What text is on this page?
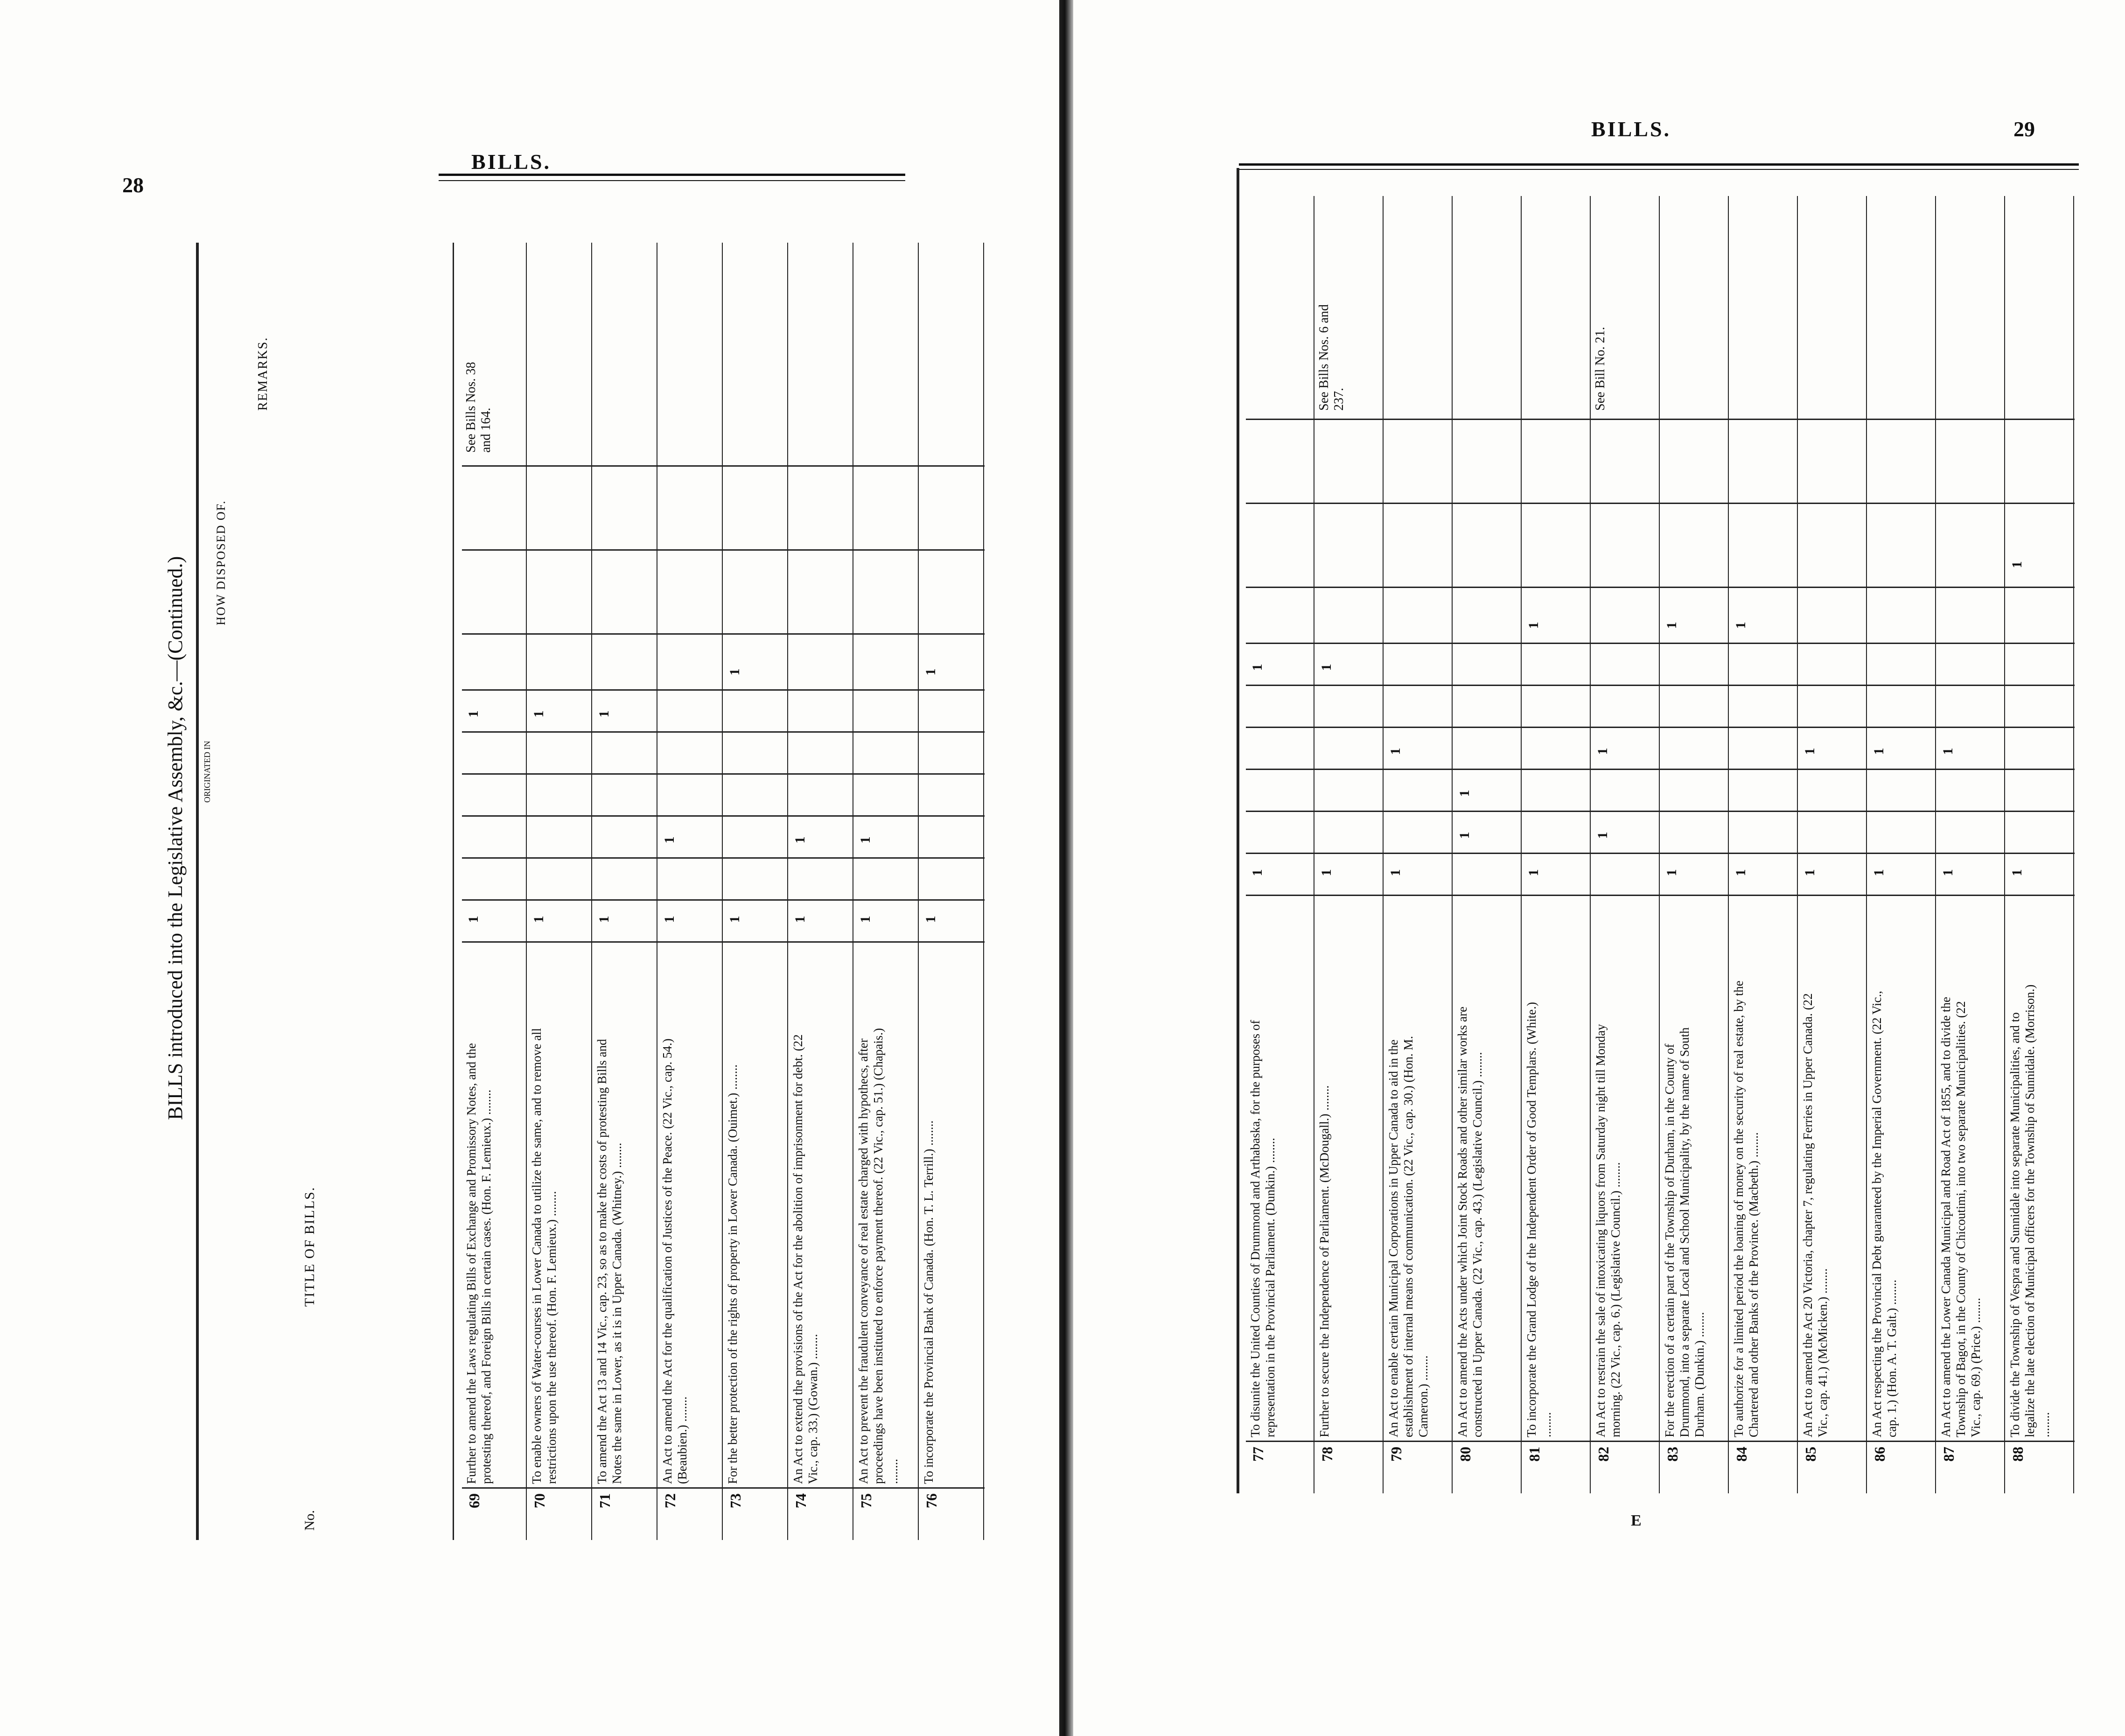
28
BILLS.
BILLS introduced into the Legislative Assembly, &c.—(Continued.)
No.
TITLE OF BILLS.
ORIGINATED IN
HOW DISPOSED OF.
REMARKS.
69
Further to amend the Laws regulating Bills of Exchange and Promissory Notes, and the protesting thereof, and Foreign Bills in certain cases. (Hon. F. Lemieux.) ........
1
1
See Bills Nos. 38 and 164.
70
To enable owners of Water-courses in Lower Canada to utilize the same, and to remove all restrictions upon the use thereof. (Hon. F. Lemieux.) ........
1
1
71
To amend the Act 13 and 14 Vic., cap. 23, so as to make the costs of protesting Bills and Notes the same in Lower, as it is in Upper Canada. (Whitney.) ........
1
1
72
An Act to amend the Act for the qualification of Justices of the Peace. (22 Vic., cap. 54.) (Beaubien.) ........
1
1
73
For the better protection of the rights of property in Lower Canada. (Ouimet.) ........
1
1
74
An Act to extend the provisions of the Act for the abolition of imprisonment for debt. (22 Vic., cap. 33.) (Gowan.) ........
1
1
75
An Act to prevent the fraudulent conveyance of real estate charged with hypothecs, after proceedings have been instituted to enforce payment thereof. (22 Vic., cap. 51.) (Chapais.) ........
1
1
76
To incorporate the Provincial Bank of Canada. (Hon. T. L. Terrill.) ........
1
1
BILLS.	29
E
77
To disunite the United Counties of Drummond and Arthabaska, for the purposes of representation in the Provincial Parliament. (Dunkin.) ........
1
1
78
Further to secure the Independence of Parliament. (McDougall.) ........
1
1
See Bills Nos. 6 and 237.
79
An Act to enable certain Municipal Corporations in Upper Canada to aid in the establishment of internal means of communication. (22 Vic., cap. 30.) (Hon. M. Cameron.) ........
1
1
80
An Act to amend the Acts under which Joint Stock Roads and other similar works are constructed in Upper Canada. (22 Vic., cap. 43.) (Legislative Council.) ........
1
1
81
To incorporate the Grand Lodge of the Independent Order of Good Templars. (White.) ........
1
1
82
An Act to restrain the sale of intoxicating liquors from Saturday night till Monday morning. (22 Vic., cap. 6.) (Legislative Council.) ........
1
1
See Bill No. 21.
83
For the erection of a certain part of the Township of Durham, in the County of Drummond, into a separate Local and School Municipality, by the name of South Durham. (Dunkin.) ........
1
1
84
To authorize for a limited period the loaning of money on the security of real estate, by the Chartered and other Banks of the Province. (Macbeth.) ........
1
1
85
An Act to amend the Act 20 Victoria, chapter 7, regulating Ferries in Upper Canada. (22 Vic., cap. 41.) (McMicken.) ........
1
1
86
An Act respecting the Provincial Debt guaranteed by the Imperial Government. (22 Vic., cap. 1.) (Hon. A. T. Galt.) ........
1
1
87
An Act to amend the Lower Canada Municipal and Road Act of 1855, and to divide the Township of Bagot, in the County of Chicoutimi, into two separate Municipalities. (22 Vic., cap. 69.) (Price.) ........
1
1
88
To divide the Township of Vespra and Sunnidale into separate Municipalities, and to legalize the late election of Municipal officers for the Township of Sunnidale. (Morrison.) ........
1
1
